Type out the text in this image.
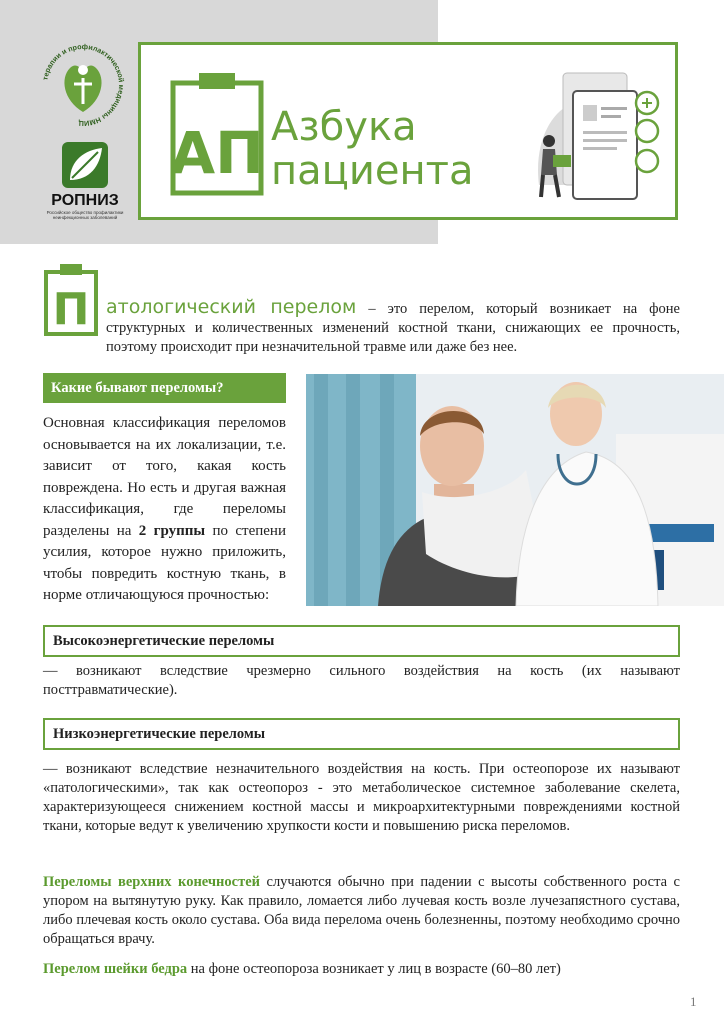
терапии и профилактической медицины НМИЦ
РОПНИЗ
Российское общество профилактики неинфекционных заболеваний
АП Азбука
пациента
П атологический перелом – это перелом, который возникает на фоне структурных и количественных изменений костной ткани, снижающих ее прочность, поэтому происходит при незначительной травме или даже без нее.
Какие бывают переломы?
Основная классификация переломов основывается на их локализации, т.е. зависит от того, какая кость повреждена. Но есть и другая важная классификация, где переломы разделены на 2 группы по степени усилия, которое нужно приложить, чтобы повредить костную ткань, в норме отличающуюся прочностью:
Высокоэнергетические переломы
— возникают вследствие чрезмерно сильного воздействия на кость (их называют посттравматические).
Низкоэнергетические переломы
— возникают вследствие незначительного воздействия на кость. При остеопорозе их называют «патологическими», так как остеопороз - это метаболическое системное заболевание скелета, характеризующееся снижением костной массы и микроархитектурными повреждениями костной ткани, которые ведут к увеличению хрупкости кости и повышению риска переломов.
Переломы верхних конечностей случаются обычно при падении с высоты собственного роста с упором на вытянутую руку. Как правило, ломается либо лучевая кость возле лучезапястного сустава, либо плечевая кость около сустава. Оба вида перелома очень болезненны, поэтому необходимо срочно обращаться врачу.
Перелом шейки бедра на фоне остеопороза возникает у лиц в возрасте (60–80 лет)
1
